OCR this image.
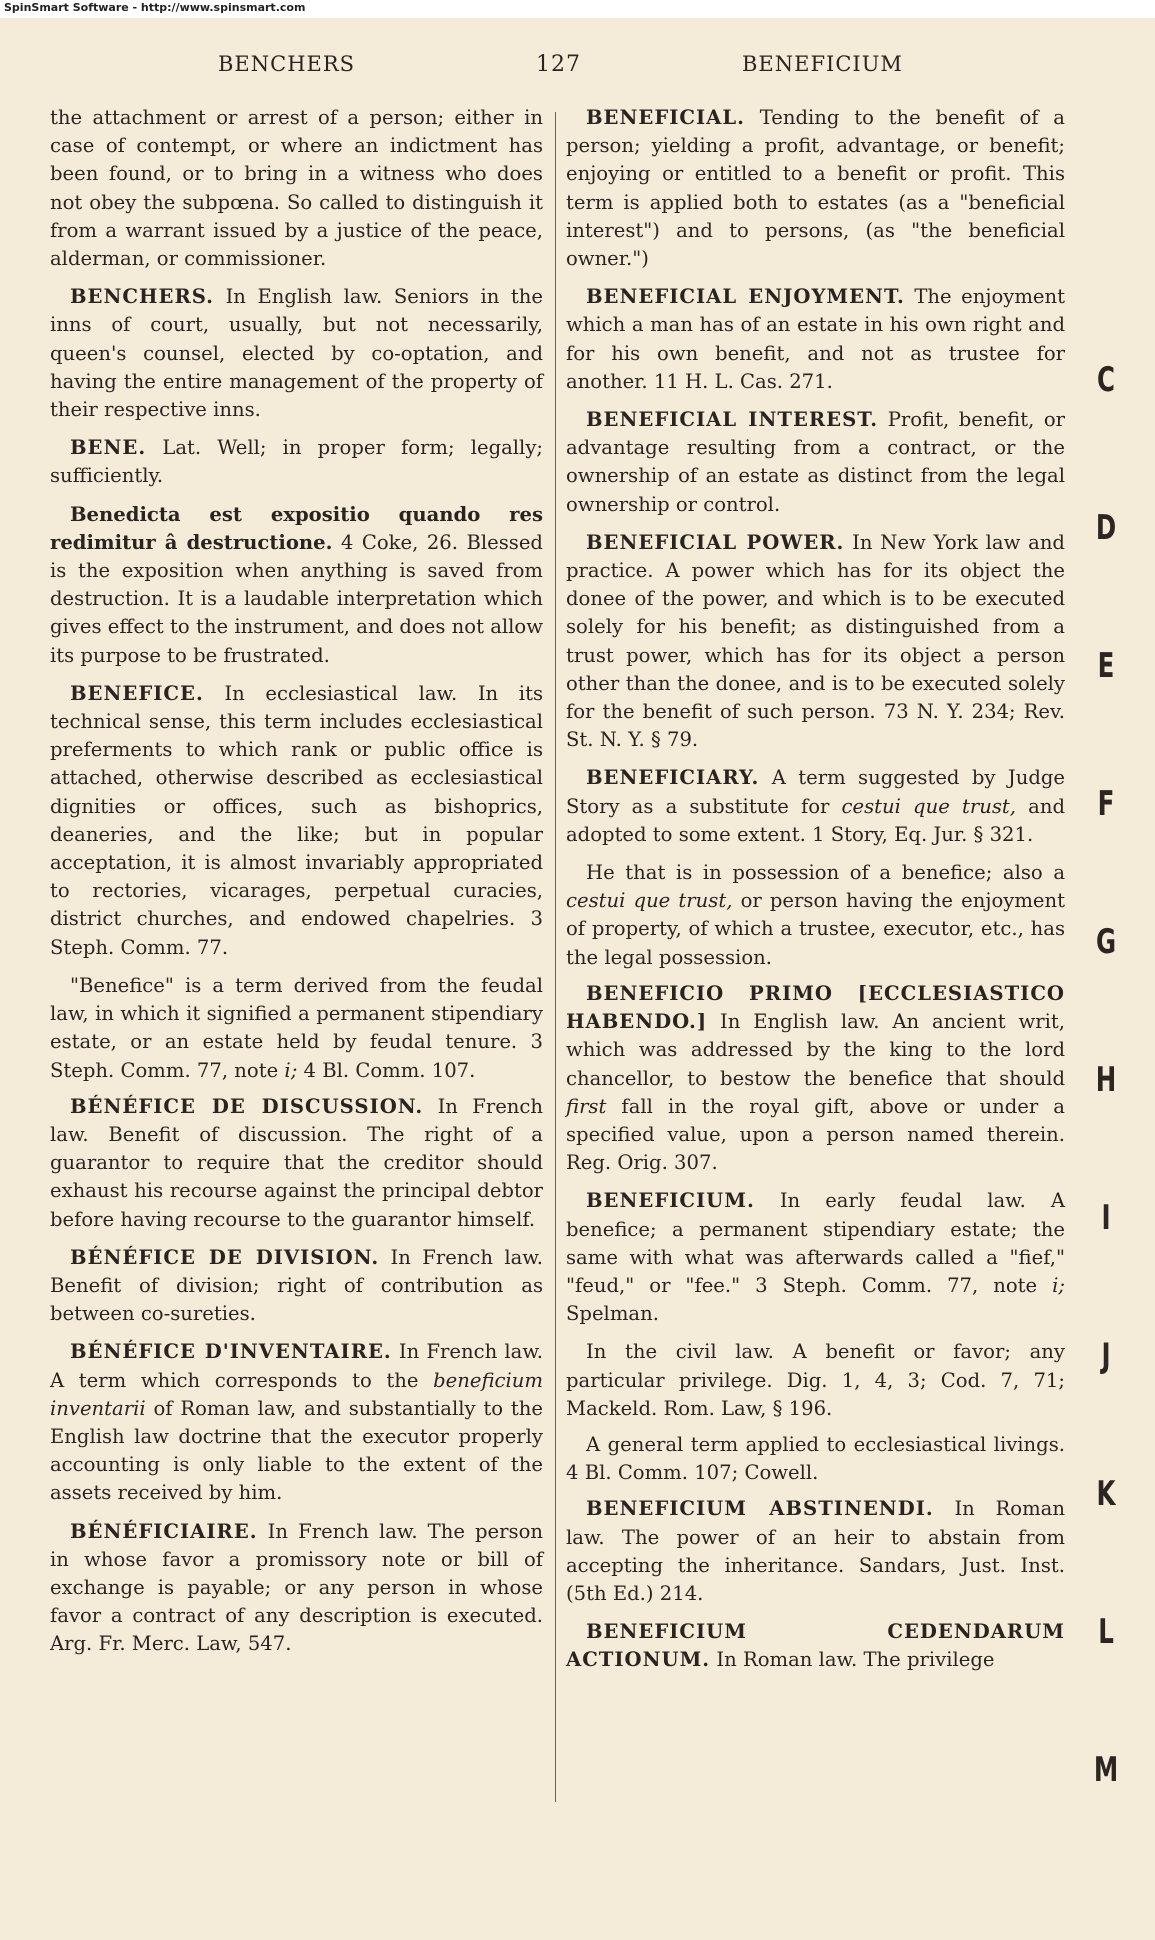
SpinSmart Software - http://www.spinsmart.com
BENCHERS	127	BENEFICIUM

the attachment or arrest of a person; either in case of contempt, or where an indictment has been found, or to bring in a witness who does not obey the subpœna. So called to distinguish it from a warrant issued by a justice of the peace, alderman, or commissioner.

BENCHERS. In English law. Seniors in the inns of court, usually, but not necessarily, queen's counsel, elected by co-optation, and having the entire management of the property of their respective inns.

BENE. Lat. Well; in proper form; legally; sufficiently.

Benedicta est expositio quando res redimitur â destructione. 4 Coke, 26. Blessed is the exposition when anything is saved from destruction. It is a laudable interpretation which gives effect to the instrument, and does not allow its purpose to be frustrated.

BENEFICE. In ecclesiastical law. In its technical sense, this term includes ecclesiastical preferments to which rank or public office is attached, otherwise described as ecclesiastical dignities or offices, such as bishoprics, deaneries, and the like; but in popular acceptation, it is almost invariably appropriated to rectories, vicarages, perpetual curacies, district churches, and endowed chapelries. 3 Steph. Comm. 77.

"Benefice" is a term derived from the feudal law, in which it signified a permanent stipendiary estate, or an estate held by feudal tenure. 3 Steph. Comm. 77, note i; 4 Bl. Comm. 107.

BÉNÉFICE DE DISCUSSION. In French law. Benefit of discussion. The right of a guarantor to require that the creditor should exhaust his recourse against the principal debtor before having recourse to the guarantor himself.

BÉNÉFICE DE DIVISION. In French law. Benefit of division; right of contribution as between co-sureties.

BÉNÉFICE D'INVENTAIRE. In French law. A term which corresponds to the beneficium inventarii of Roman law, and substantially to the English law doctrine that the executor properly accounting is only liable to the extent of the assets received by him.

BÉNÉFICIAIRE. In French law. The person in whose favor a promissory note or bill of exchange is payable; or any person in whose favor a contract of any description is executed. Arg. Fr. Merc. Law, 547.

BENEFICIAL. Tending to the benefit of a person; yielding a profit, advantage, or benefit; enjoying or entitled to a benefit or profit. This term is applied both to estates (as a "beneficial interest") and to persons, (as "the beneficial owner.")

BENEFICIAL ENJOYMENT. The enjoyment which a man has of an estate in his own right and for his own benefit, and not as trustee for another. 11 H. L. Cas. 271.

BENEFICIAL INTEREST. Profit, benefit, or advantage resulting from a contract, or the ownership of an estate as distinct from the legal ownership or control.

BENEFICIAL POWER. In New York law and practice. A power which has for its object the donee of the power, and which is to be executed solely for his benefit; as distinguished from a trust power, which has for its object a person other than the donee, and is to be executed solely for the benefit of such person. 73 N. Y. 234; Rev. St. N. Y. § 79.

BENEFICIARY. A term suggested by Judge Story as a substitute for cestui que trust, and adopted to some extent. 1 Story, Eq. Jur. § 321.

He that is in possession of a benefice; also a cestui que trust, or person having the enjoyment of property, of which a trustee, executor, etc., has the legal possession.

BENEFICIO PRIMO [ECCLESIASTICO HABENDO.] In English law. An ancient writ, which was addressed by the king to the lord chancellor, to bestow the benefice that should first fall in the royal gift, above or under a specified value, upon a person named therein. Reg. Orig. 307.

BENEFICIUM. In early feudal law. A benefice; a permanent stipendiary estate; the same with what was afterwards called a "fief," "feud," or "fee." 3 Steph. Comm. 77, note i; Spelman.

In the civil law. A benefit or favor; any particular privilege. Dig. 1, 4, 3; Cod. 7, 71; Mackeld. Rom. Law, § 196.

A general term applied to ecclesiastical livings. 4 Bl. Comm. 107; Cowell.

BENEFICIUM ABSTINENDI. In Roman law. The power of an heir to abstain from accepting the inheritance. Sandars, Just. Inst. (5th Ed.) 214.

BENEFICIUM CEDENDARUM ACTIONUM. In Roman law. The privilege

C
D
E
F
G
H
I
J
K
L
M
